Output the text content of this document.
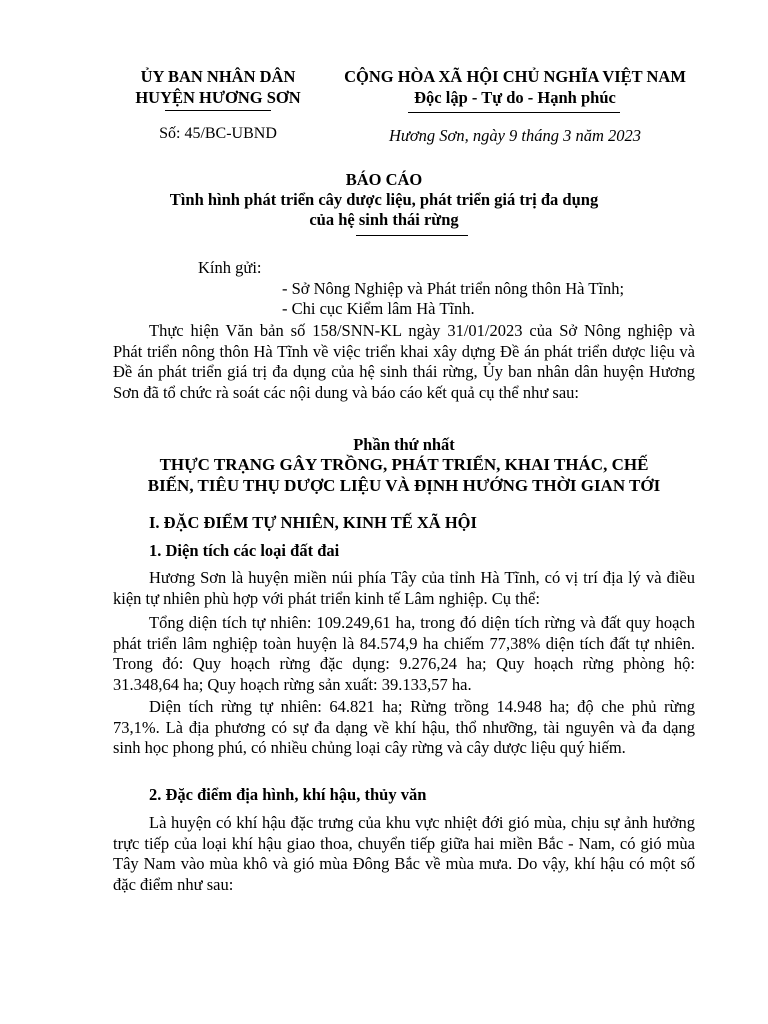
ỦY BAN NHÂN DÂN
HUYỆN HƯƠNG SƠN
CỘNG HÒA XÃ HỘI CHỦ NGHĨA VIỆT NAM
Độc lập - Tự do - Hạnh phúc
Số: 45/BC-UBND	Hương Sơn, ngày 9 tháng 3 năm 2023
BÁO CÁO
Tình hình phát triển cây dược liệu, phát triển giá trị đa dụng
của hệ sinh thái rừng
Kính gửi:
- Sở Nông Nghiệp và Phát triển nông thôn Hà Tĩnh;
- Chi cục Kiểm lâm Hà Tĩnh.
Thực hiện Văn bản số 158/SNN-KL ngày 31/01/2023 của Sở Nông nghiệp và Phát triển nông thôn Hà Tĩnh về việc triển khai xây dựng Đề án phát triển dược liệu và Đề án phát triển giá trị đa dụng của hệ sinh thái rừng, Ủy ban nhân dân huyện Hương Sơn đã tổ chức rà soát các nội dung và báo cáo kết quả cụ thể như sau:
Phần thứ nhất
THỰC TRẠNG GÂY TRỒNG, PHÁT TRIỂN, KHAI THÁC, CHẾ
BIẾN, TIÊU THỤ DƯỢC LIỆU VÀ ĐỊNH HƯỚNG THỜI GIAN TỚI
I. ĐẶC ĐIỂM TỰ NHIÊN, KINH TẾ XÃ HỘI
1. Diện tích các loại đất đai
Hương Sơn là huyện miền núi phía Tây của tỉnh Hà Tĩnh, có vị trí địa lý và điều kiện tự nhiên phù hợp với phát triển kinh tế Lâm nghiệp. Cụ thể:
Tổng diện tích tự nhiên: 109.249,61 ha, trong đó diện tích rừng và đất quy hoạch phát triển lâm nghiệp toàn huyện là 84.574,9 ha chiếm 77,38% diện tích đất tự nhiên. Trong đó: Quy hoạch rừng đặc dụng: 9.276,24 ha; Quy hoạch rừng phòng hộ: 31.348,64 ha; Quy hoạch rừng sản xuất: 39.133,57 ha.
Diện tích rừng tự nhiên: 64.821 ha; Rừng trồng 14.948 ha; độ che phủ rừng 73,1%. Là địa phương có sự đa dạng về khí hậu, thổ nhưỡng, tài nguyên và đa dạng sinh học phong phú, có nhiều chủng loại cây rừng và cây dược liệu quý hiếm.
2. Đặc điểm địa hình, khí hậu, thủy văn
Là huyện có khí hậu đặc trưng của khu vực nhiệt đới gió mùa, chịu sự ảnh hưởng trực tiếp của loại khí hậu giao thoa, chuyển tiếp giữa hai miền Bắc - Nam, có gió mùa Tây Nam vào mùa khô và gió mùa Đông Bắc về mùa mưa. Do vậy, khí hậu có một số đặc điểm như sau:
